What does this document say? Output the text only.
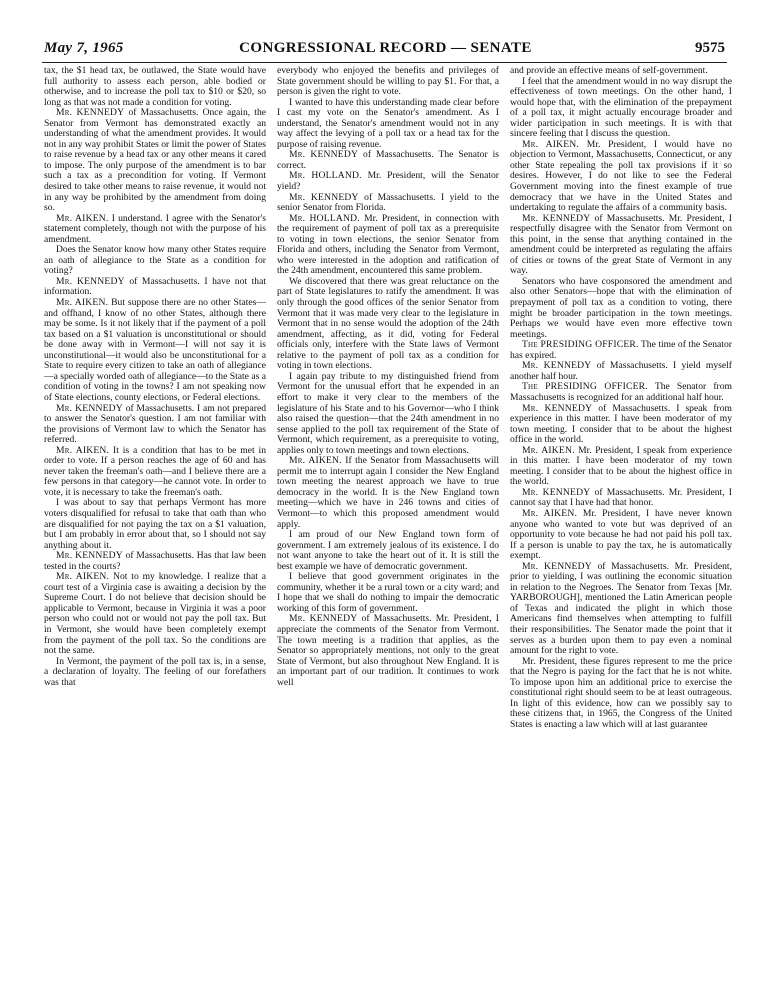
May 7, 1965	CONGRESSIONAL RECORD — SENATE	9575

tax, the $1 head tax, be outlawed, the State would have full authority to assess each person, able bodied or otherwise, and to increase the poll tax to $10 or $20, so long as that was not made a condition for voting.

Mr. KENNEDY of Massachusetts. Once again, the Senator from Vermont has demonstrated exactly an understanding of what the amendment provides. It would not in any way prohibit States or limit the power of States to raise revenue by a head tax or any other means it cared to impose. The only purpose of the amendment is to bar such a tax as a precondition for voting. If Vermont desired to take other means to raise revenue, it would not in any way be prohibited by the amendment from doing so.

Mr. AIKEN. I understand. I agree with the Senator's statement completely, though not with the purpose of his amendment.

Does the Senator know how many other States require an oath of allegiance to the State as a condition for voting?

Mr. KENNEDY of Massachusetts. I have not that information.

Mr. AIKEN. But suppose there are no other States—and offhand, I know of no other States, although there may be some. Is it not likely that if the payment of a poll tax based on a $1 valuation is unconstitutional or should be done away with in Vermont—I will not say it is unconstitutional—it would also be unconstitutional for a State to require every citizen to take an oath of allegiance—a specially worded oath of allegiance—to the State as a condition of voting in the towns? I am not speaking now of State elections, county elections, or Federal elections.

Mr. KENNEDY of Massachusetts. I am not prepared to answer the Senator's question. I am not familiar with the provisions of Vermont law to which the Senator has referred.

Mr. AIKEN. It is a condition that has to be met in order to vote. If a person reaches the age of 60 and has never taken the freeman's oath—and I believe there are a few persons in that category—he cannot vote. In order to vote, it is necessary to take the freeman's oath.

I was about to say that perhaps Vermont has more voters disqualified for refusal to take that oath than who are disqualified for not paying the tax on a $1 valuation, but I am probably in error about that, so I should not say anything about it.

Mr. KENNEDY of Massachusetts. Has that law been tested in the courts?

Mr. AIKEN. Not to my knowledge. I realize that a court test of a Virginia case is awaiting a decision by the Supreme Court. I do not believe that decision should be applicable to Vermont, because in Virginia it was a poor person who could not or would not pay the poll tax. But in Vermont, she would have been completely exempt from the payment of the poll tax. So the conditions are not the same.

In Vermont, the payment of the poll tax is, in a sense, a declaration of loyalty. The feeling of our forefathers was that

everybody who enjoyed the benefits and privileges of State government should be willing to pay $1. For that, a person is given the right to vote.

I wanted to have this understanding made clear before I cast my vote on the Senator's amendment. As I understand, the Senator's amendment would not in any way affect the levying of a poll tax or a head tax for the purpose of raising revenue.

Mr. KENNEDY of Massachusetts. The Senator is correct.

Mr. HOLLAND. Mr. President, will the Senator yield?

Mr. KENNEDY of Massachusetts. I yield to the senior Senator from Florida.

Mr. HOLLAND. Mr. President, in connection with the requirement of payment of poll tax as a prerequisite to voting in town elections, the senior Senator from Florida and others, including the Senator from Vermont, who were interested in the adoption and ratification of the 24th amendment, encountered this same problem.

We discovered that there was great reluctance on the part of State legislatures to ratify the amendment. It was only through the good offices of the senior Senator from Vermont that it was made very clear to the legislature in Vermont that in no sense would the adoption of the 24th amendment, affecting, as it did, voting for Federal officials only, interfere with the State laws of Vermont relative to the payment of poll tax as a condition for voting in town elections.

I again pay tribute to my distinguished friend from Vermont for the unusual effort that he expended in an effort to make it very clear to the members of the legislature of his State and to his Governor—who I think also raised the question—that the 24th amendment in no sense applied to the poll tax requirement of the State of Vermont, which requirement, as a prerequisite to voting, applies only to town meetings and town elections.

Mr. AIKEN. If the Senator from Massachusetts will permit me to interrupt again I consider the New England town meeting the nearest approach we have to true democracy in the world. It is the New England town meeting—which we have in 246 towns and cities of Vermont—to which this proposed amendment would apply.

I am proud of our New England town form of government. I am extremely jealous of its existence. I do not want anyone to take the heart out of it. It is still the best example we have of democratic government.

I believe that good government originates in the community, whether it be a rural town or a city ward; and I hope that we shall do nothing to impair the democratic working of this form of government.

Mr. KENNEDY of Massachusetts. Mr. President, I appreciate the comments of the Senator from Vermont. The town meeting is a tradition that applies, as the Senator so appropriately mentions, not only to the great State of Vermont, but also throughout New England. It is an important part of our tradition. It continues to work well

and provide an effective means of self-government.

I feel that the amendment would in no way disrupt the effectiveness of town meetings. On the other hand, I would hope that, with the elimination of the prepayment of a poll tax, it might actually encourage broader and wider participation in such meetings. It is with that sincere feeling that I discuss the question.

Mr. AIKEN. Mr. President, I would have no objection to Vermont, Massachusetts, Connecticut, or any other State repealing the poll tax provisions if it so desires. However, I do not like to see the Federal Government moving into the finest example of true democracy that we have in the United States and undertaking to regulate the affairs of a community basis.

Mr. KENNEDY of Massachusetts. Mr. President, I respectfully disagree with the Senator from Vermont on this point, in the sense that anything contained in the amendment could be interpreted as regulating the affairs of cities or towns of the great State of Vermont in any way.

Senators who have cosponsored the amendment and also other Senators—hope that with the elimination of prepayment of poll tax as a condition to voting, there might be broader participation in the town meetings. Perhaps we would have even more effective town meetings.

The PRESIDING OFFICER. The time of the Senator has expired.

Mr. KENNEDY of Massachusetts. I yield myself another half hour.

The PRESIDING OFFICER. The Senator from Massachusetts is recognized for an additional half hour.

Mr. KENNEDY of Massachusetts. I speak from experience in this matter. I have been moderator of my town meeting. I consider that to be about the highest office in the world.

Mr. AIKEN. Mr. President, I speak from experience in this matter. I have been moderator of my town meeting. I consider that to be about the highest office in the world.

Mr. KENNEDY of Massachusetts. Mr. President, I cannot say that I have had that honor.

Mr. AIKEN. Mr. President, I have never known anyone who wanted to vote but was deprived of an opportunity to vote because he had not paid his poll tax. If a person is unable to pay the tax, he is automatically exempt.

Mr. KENNEDY of Massachusetts. Mr. President, prior to yielding, I was outlining the economic situation in relation to the Negroes. The Senator from Texas [Mr. YARBOROUGH], mentioned the Latin American people of Texas and indicated the plight in which those Americans find themselves when attempting to fulfill their responsibilities. The Senator made the point that it serves as a burden upon them to pay even a nominal amount for the right to vote.

Mr. President, these figures represent to me the price that the Negro is paying for the fact that he is not white. To impose upon him an additional price to exercise the constitutional right should seem to be at least outrageous. In light of this evidence, how can we possibly say to these citizens that, in 1965, the Congress of the United States is enacting a law which will at last guarantee
